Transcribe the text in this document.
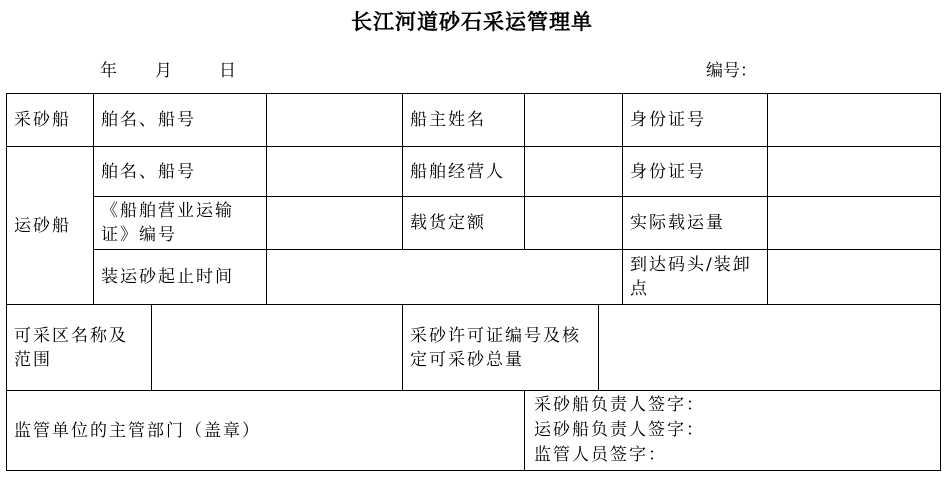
长江河道砂石采运管理单
年 月	日	编号：
采砂船	舶名、船号			船主姓名			身份证号	
运砂船	舶名、船号			船舶经营人			身份证号	
	《船舶营业运输证》编号			载货定额			实际载运量	
	装运砂起止时间						到达码头/装卸点	
可采区名称及范围				采砂许可证编号及核定可采砂总量				
监管单位的主管部门（盖章）					采砂船负责人签字：
运砂船负责人签字：
监管人员签字：			
